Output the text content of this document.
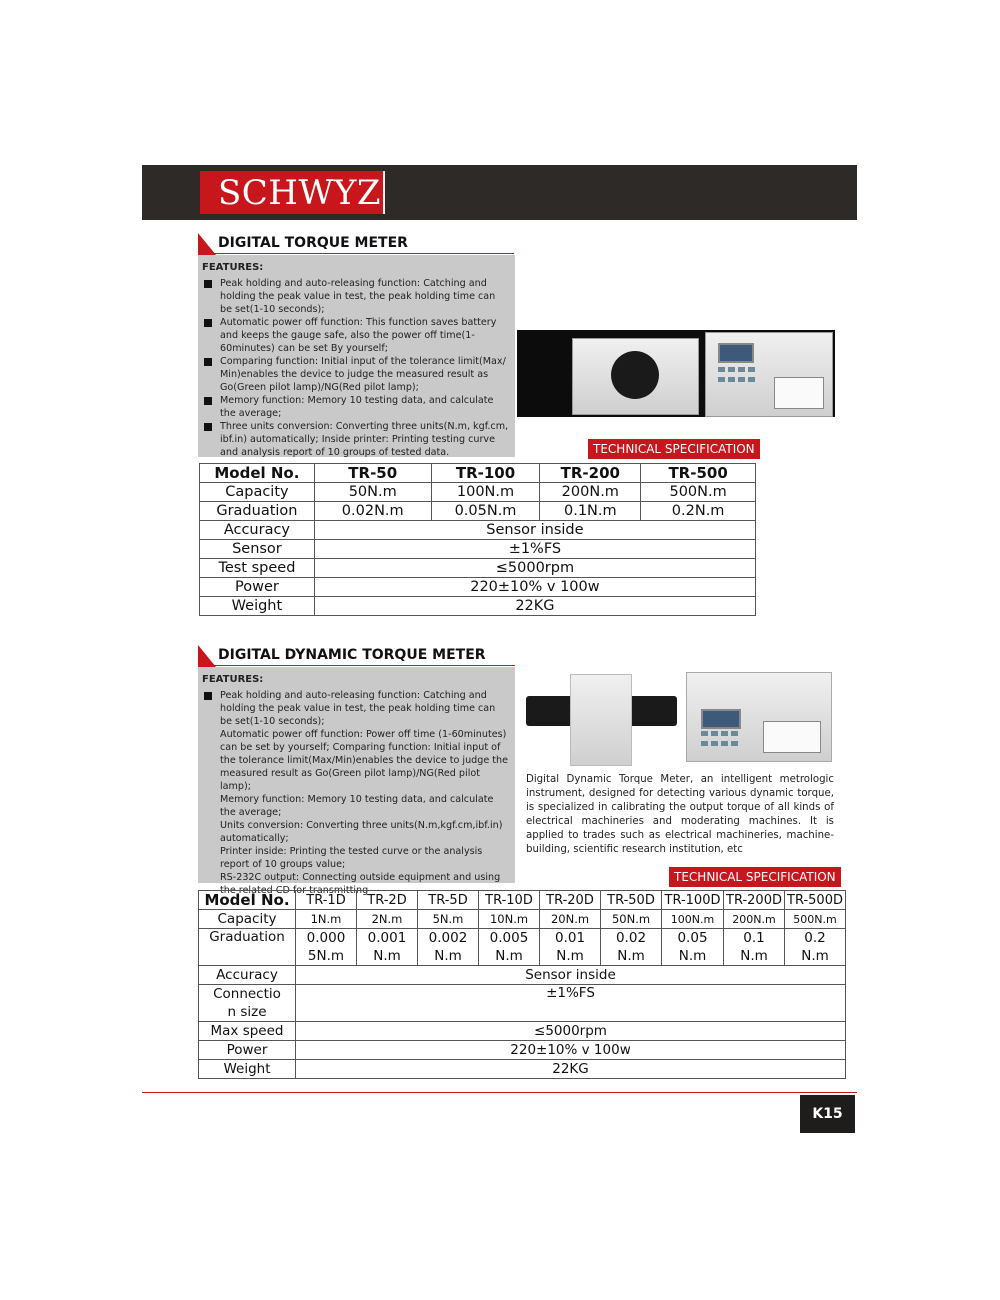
SCHWYZ
DIGITAL TORQUE METER
FEATURES:
Peak holding and auto-releasing function: Catching and holding the peak value in test, the peak holding time can be set(1-10 seconds);
Automatic power off function: This function saves battery and keeps the gauge safe, also the power off time(1-60minutes) can be set By yourself;
Comparing function: Initial input of the tolerance limit(Max/ Min)enables the device to judge the measured result as Go(Green pilot lamp)/NG(Red pilot lamp);
Memory function: Memory 10 testing data, and calculate the average;
Three units conversion: Converting three units(N.m, kgf.cm, ibf.in) automatically; Inside printer: Printing testing curve and analysis report of 10 groups of tested data.	TECHNICAL SPECIFICATION
Model No.	TR-50	TR-100	TR-200	TR-500
Capacity	50N.m	100N.m	200N.m	500N.m
Graduation	0.02N.m	0.05N.m	0.1N.m	0.2N.m
Accuracy	Sensor inside			
Sensor	±1%FS			
Test speed	≤5000rpm			
Power	220±10% v 100w			
Weight	22KG			
DIGITAL DYNAMIC TORQUE METER
FEATURES:
Peak holding and auto-releasing function: Catching and holding the peak value in test, the peak holding time can be set(1-10 seconds);
Automatic power off function: Power off time (1-60minutes) can be set by yourself; Comparing function: Initial input of the tolerance limit(Max/Min)enables the device to judge the measured result as Go(Green pilot lamp)/NG(Red pilot lamp);
Memory function: Memory 10 testing data, and calculate the average;
Units conversion: Converting three units(N.m,kgf.cm,ibf.in) automatically;
Printer inside: Printing the tested curve or the analysis report of 10 groups value;
RS-232C output: Connecting outside equipment and using the related CD for transmitting
Digital Dynamic Torque Meter, an intelligent metrologic instrument, designed for detecting various dynamic torque, is specialized in calibrating the output torque of all kinds of electrical machineries and moderating machines. It is applied to trades such as electrical machineries, machine-building, scientific research institution, etc
TECHNICAL SPECIFICATION
Model No.	TR-1D	TR-2D	TR-5D	TR-10D	TR-20D	TR-50D	TR-100D	TR-200D	TR-500D
Capacity	1N.m	2N.m	5N.m	10N.m	20N.m	50N.m	100N.m	200N.m	500N.m
Graduation	0.000	0.001	0.002	0.005	0.01	0.02	0.05	0.1	0.2
	5N.m	N.m	N.m	N.m	N.m	N.m	N.m	N.m	N.m
Accuracy	Sensor inside								
Connectio	±1%FS								
n size									
Max speed	≤5000rpm								
Power	220±10% v 100w								
Weight	22KG								
K15
